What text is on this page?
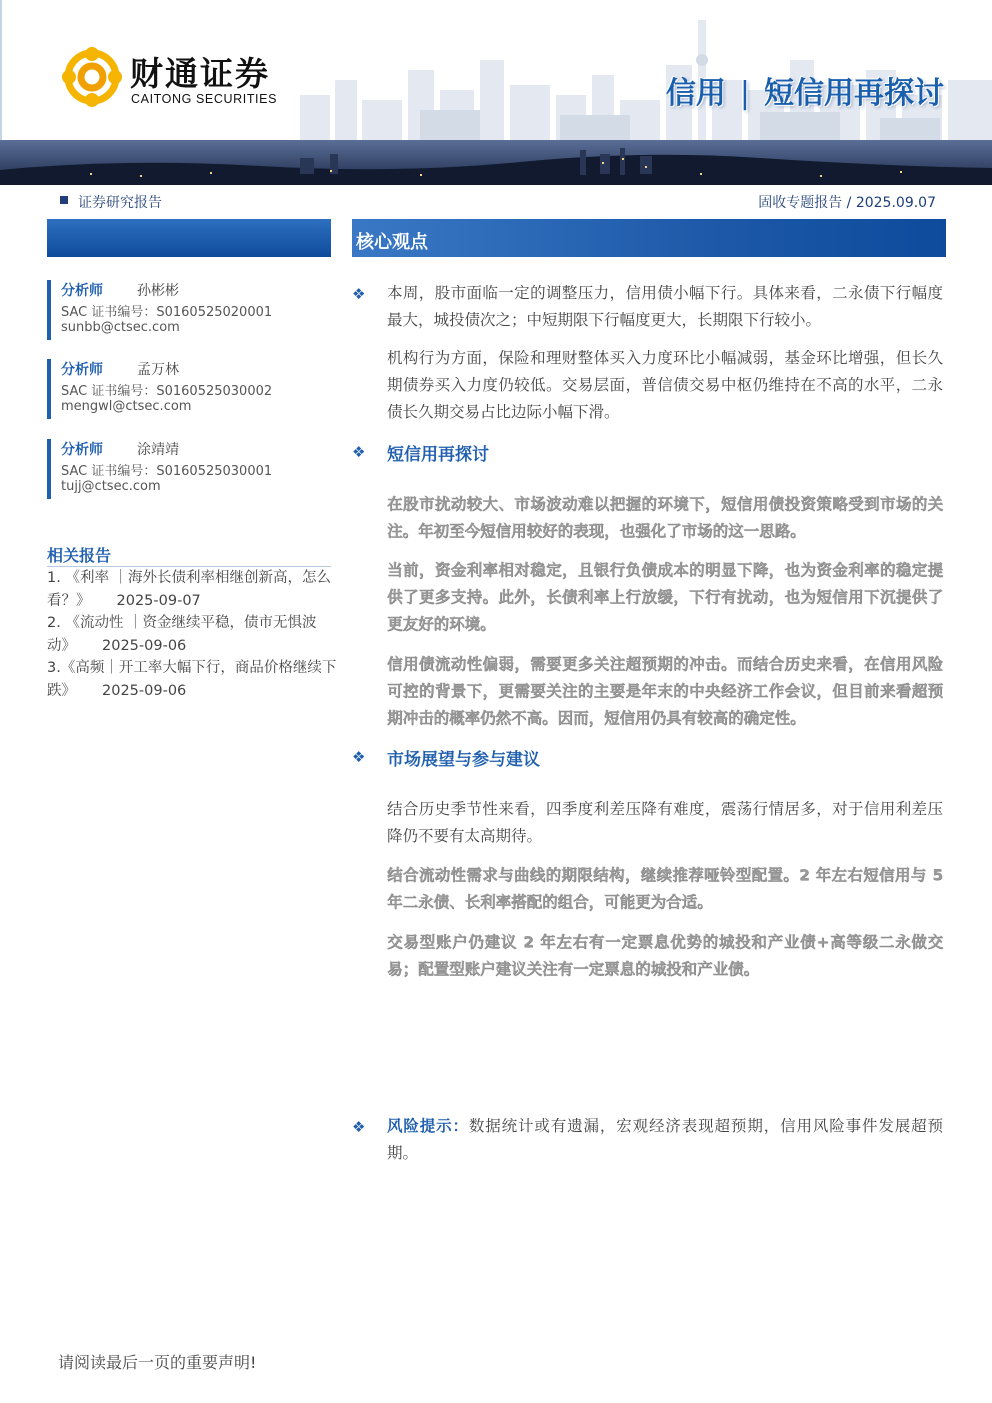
财通证券
CAITONG SECURITIES	信用 | 短信用再探讨
证券研究报告	固收专题报告 / 2025.09.07
核心观点
分析师 孙彬彬
SAC 证书编号：S0160525020001
sunbb@ctsec.com
分析师 孟万林
SAC 证书编号：S0160525030002
mengwl@ctsec.com
分析师 涂靖靖
SAC 证书编号：S0160525030001
tujj@ctsec.com
相关报告
1. 《利率 ｜海外长债利率相继创新高，怎么看？》 2025-09-07
2. 《流动性 ｜资金继续平稳，债市无惧波动》 2025-09-06
3.《高频｜开工率大幅下行，商品价格继续下跌》 2025-09-06
❖ 本周，股市面临一定的调整压力，信用债小幅下行。具体来看，二永债下行幅度最大，城投债次之；中短期限下行幅度更大，长期限下行较小。
机构行为方面，保险和理财整体买入力度环比小幅减弱，基金环比增强，但长久期债券买入力度仍较低。交易层面，普信债交易中枢仍维持在不高的水平，二永债长久期交易占比边际小幅下滑。
❖ 短信用再探讨
在股市扰动较大、市场波动难以把握的环境下，短信用债投资策略受到市场的关注。年初至今短信用较好的表现，也强化了市场的这一思路。
当前，资金利率相对稳定，且银行负债成本的明显下降，也为资金利率的稳定提供了更多支持。此外，长债利率上行放缓，下行有扰动，也为短信用下沉提供了更友好的环境。
信用债流动性偏弱，需要更多关注超预期的冲击。而结合历史来看，在信用风险可控的背景下，更需要关注的主要是年末的中央经济工作会议，但目前来看超预期冲击的概率仍然不高。因而，短信用仍具有较高的确定性。
❖ 市场展望与参与建议
结合历史季节性来看，四季度利差压降有难度，震荡行情居多，对于信用利差压降仍不要有太高期待。
结合流动性需求与曲线的期限结构，继续推荐哑铃型配置。2 年左右短信用与 5 年二永债、长利率搭配的组合，可能更为合适。
交易型账户仍建议 2 年左右有一定票息优势的城投和产业债+高等级二永做交易；配置型账户建议关注有一定票息的城投和产业债。
❖ 风险提示：数据统计或有遗漏，宏观经济表现超预期，信用风险事件发展超预期。
请阅读最后一页的重要声明!
